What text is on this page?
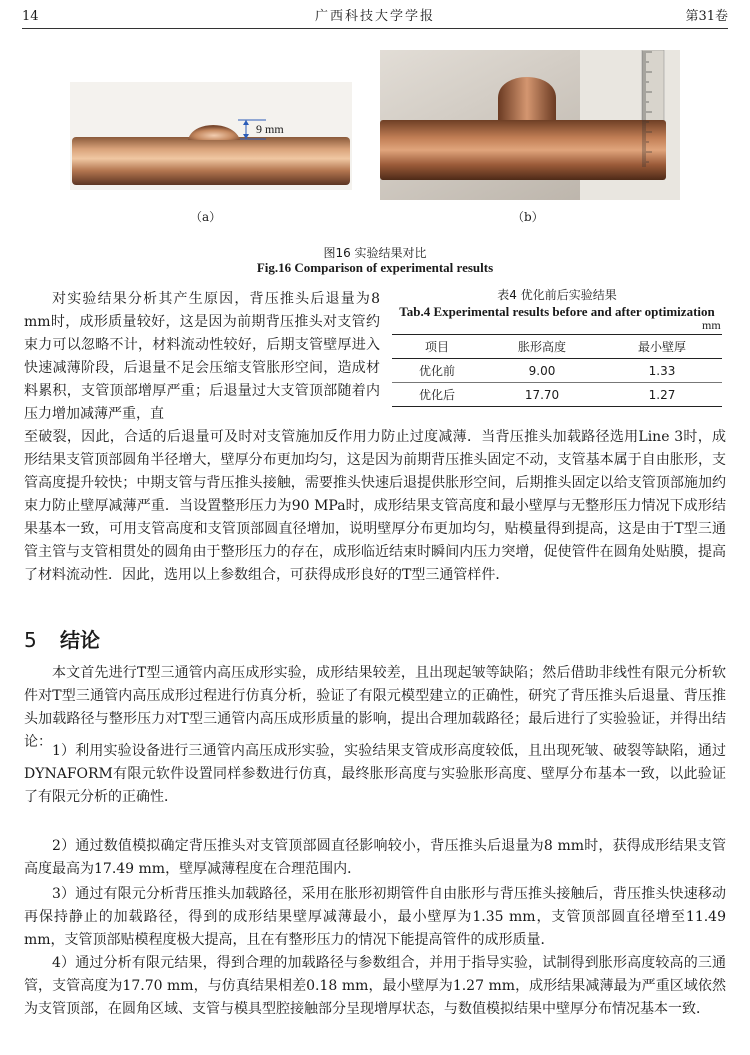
14	广西科技大学学报	第31卷
9 mm
（a）	（b）
图16 实验结果对比
Fig.16 Comparison of experimental results
表4 优化前后实验结果
Tab.4 Experimental results before and after optimization
mm
项目	胀形高度	最小壁厚
优化前	9.00	1.33
优化后	17.70	1.27

对实验结果分析其产生原因，背压推头后退量为8 mm时，成形质量较好，这是因为前期背压推头对支管约束力可以忽略不计，材料流动性较好，后期支管壁厚进入快速减薄阶段，后退量不足会压缩支管胀形空间，造成材料累积，支管顶部增厚严重；后退量过大支管顶部随着内压力增加减薄严重，直

至破裂，因此，合适的后退量可及时对支管施加反作用力防止过度减薄．当背压推头加载路径选用Line 3时，成形结果支管顶部圆角半径增大，壁厚分布更加均匀，这是因为前期背压推头固定不动，支管基本属于自由胀形，支管高度提升较快；中期支管与背压推头接触，需要推头快速后退提供胀形空间，后期推头固定以给支管顶部施加约束力防止壁厚减薄严重．当设置整形压力为90 MPa时，成形结果支管高度和最小壁厚与无整形压力情况下成形结果基本一致，可用支管高度和支管顶部圆直径增加，说明壁厚分布更加均匀，贴模量得到提高，这是由于T型三通管主管与支管相贯处的圆角由于整形压力的存在，成形临近结束时瞬间内压力突增，促使管件在圆角处贴膜，提高了材料流动性．因此，选用以上参数组合，可获得成形良好的T型三通管样件．

5 结论

本文首先进行T型三通管内高压成形实验，成形结果较差，且出现起皱等缺陷；然后借助非线性有限元分析软件对T型三通管内高压成形过程进行仿真分析，验证了有限元模型建立的正确性，研究了背压推头后退量、背压推头加载路径与整形压力对T型三通管内高压成形质量的影响，提出合理加载路径；最后进行了实验验证，并得出结论：

1）利用实验设备进行三通管内高压成形实验，实验结果支管成形高度较低，且出现死皱、破裂等缺陷，通过DYNAFORM有限元软件设置同样参数进行仿真，最终胀形高度与实验胀形高度、壁厚分布基本一致，以此验证了有限元分析的正确性．

2）通过数值模拟确定背压推头对支管顶部圆直径影响较小，背压推头后退量为8 mm时，获得成形结果支管高度最高为17.49 mm，壁厚减薄程度在合理范围内．

3）通过有限元分析背压推头加载路径，采用在胀形初期管件自由胀形与背压推头接触后，背压推头快速移动再保持静止的加载路径，得到的成形结果壁厚减薄最小，最小壁厚为1.35 mm，支管顶部圆直径增至11.49 mm，支管顶部贴模程度极大提高，且在有整形压力的情况下能提高管件的成形质量．

4）通过分析有限元结果，得到合理的加载路径与参数组合，并用于指导实验，试制得到胀形高度较高的三通管，支管高度为17.70 mm，与仿真结果相差0.18 mm，最小壁厚为1.27 mm，成形结果减薄最为严重区域依然为支管顶部，在圆角区域、支管与模具型腔接触部分呈现增厚状态，与数值模拟结果中壁厚分布情况基本一致．
